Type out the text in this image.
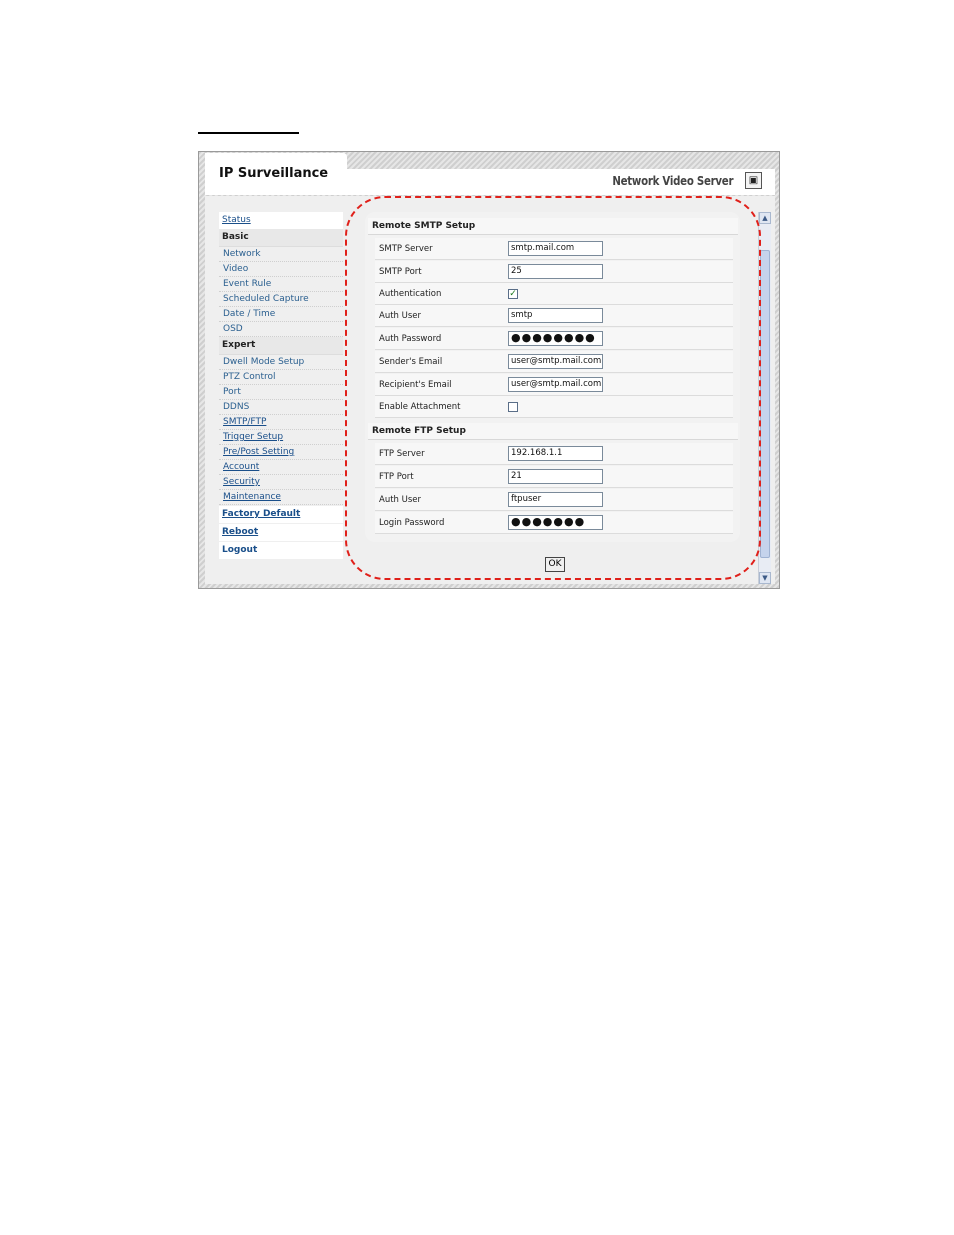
IP Surveillance	Network Video Server	▣
Status
Basic
Network
Video
Event Rule
Scheduled Capture
Date / Time
OSD
Expert
Dwell Mode Setup
PTZ Control
Port
DDNS
SMTP/FTP
Trigger Setup
Pre/Post Setting
Account
Security
Maintenance
Factory Default
Reboot
Logout
Remote SMTP Setup
SMTP Server	smtp.mail.com
SMTP Port	25
Authentication	✓
Auth User	smtp
Auth Password	●●●●●●●●
Sender's Email	user@smtp.mail.com
Recipient's Email	user@smtp.mail.com
Enable Attachment
Remote FTP Setup
FTP Server	192.168.1.1
FTP Port	21
Auth User	ftpuser
Login Password	●●●●●●●
OK
▲
▼
